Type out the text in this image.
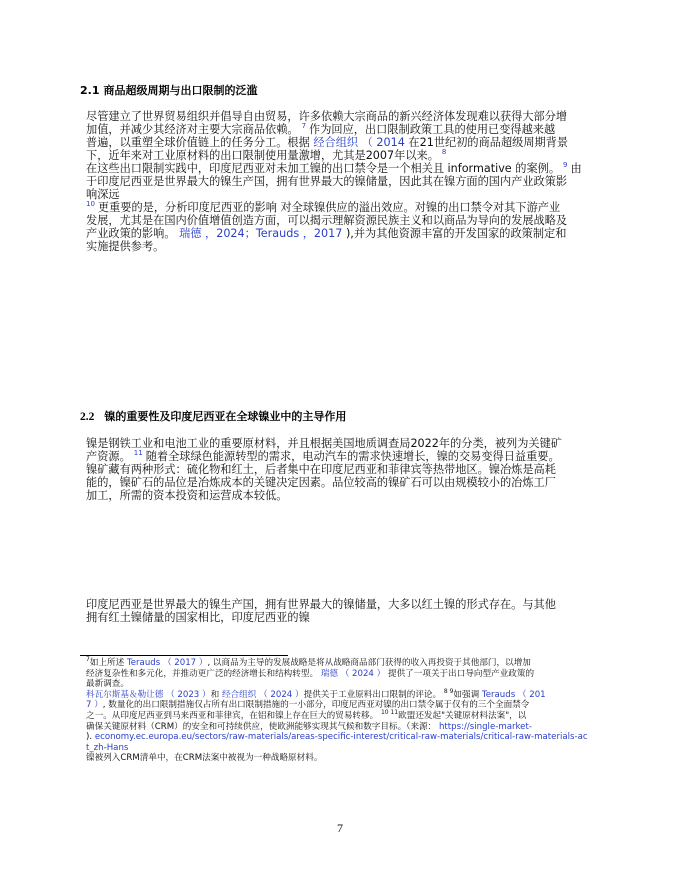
2.1 商品超级周期与出口限制的泛滥
尽管建立了世界贸易组织并倡导自由贸易，许多依赖大宗商品的新兴经济体发现难以获得大部分增
加值，并减少其经济对主要大宗商品依赖。 $^7$ 作为回应，出口限制政策工具的使用已变得越来越
普遍，以重塑全球价值链上的任务分工。根据 经合组织 （ 2014 在21世纪初的商品超级周期背景
下，近年来对工业原材料的出口限制使用量激增，尤其是2007年以来。 $^8$
在这些出口限制实践中，印度尼西亚对未加工镍的出口禁令是一个相关且 informative 的案例。 $^9$ 由
于印度尼西亚是世界最大的镍生产国，拥有世界最大的镍储量，因此其在镍方面的国内产业政策影
响深远
$^{10}$ 更重要的是，分析印度尼西亚的影响 对全球镍供应的溢出效应。对镍的出口禁令对其下游产业
发展，尤其是在国内价值增值创造方面，可以揭示理解资源民族主义和以商品为导向的发展战略及
产业政策的影响。 瑞德 ，2024；Terauds ，2017 ),并为其他资源丰富的开发国家的政策制定和
实施提供参考。
2.2 镍的重要性及印度尼西亚在全球镍业中的主导作用
镍是钢铁工业和电池工业的重要原材料，并且根据美国地质调查局2022年的分类，被列为关键矿
产资源。 $^{11}$ 随着全球绿色能源转型的需求，电动汽车的需求快速增长，镍的交易变得日益重要。
镍矿藏有两种形式：硫化物和红土，后者集中在印度尼西亚和菲律宾等热带地区。镍冶炼是高耗
能的，镍矿石的品位是冶炼成本的关键决定因素。品位较高的镍矿石可以由规模较小的冶炼工厂
加工，所需的资本投资和运营成本较低。
印度尼西亚是世界最大的镍生产国，拥有世界最大的镍储量，大多以红土镍的形式存在。与其他
拥有红土镍储量的国家相比，印度尼西亚的镍
$^7$如上所述 Terauds （ 2017 ）, 以商品为主导的发展战略是将从战略商品部门获得的收入再投资于其他部门，以增加
经济复杂性和多元化，并推动更广泛的经济增长和结构转型。 瑞德 （ 2024 ） 提供了一项关于出口导向型产业政策的
最新调查。
科瓦尔斯基＆勒让德 （ 2023 ）和 经合组织 （ 2024 ）提供关于工业原料出口限制的评论。 $^{8 9}$如强调 Terauds （ 201
7 ）, 数量化的出口限制措施仅占所有出口限制措施的一小部分，印度尼西亚对镍的出口禁令属于仅有的三个全面禁令
之一。从印度尼西亚到马来西亚和菲律宾，在铝和镍上存在巨大的贸易转移。 $^{10 11}$欧盟还发起"关键原材料法案"，以
确保关键原材料（CRM）的安全和可持续供应，使欧洲能够实现其气候和数字目标。（来源： https://single-market-
). economy.ec.europa.eu/sectors/raw-materials/areas-specific-interest/critical-raw-materials/critical-raw-materials-ac
t_zh-Hans
镍被列入CRM清单中，在CRM法案中被视为一种战略原材料。
7
